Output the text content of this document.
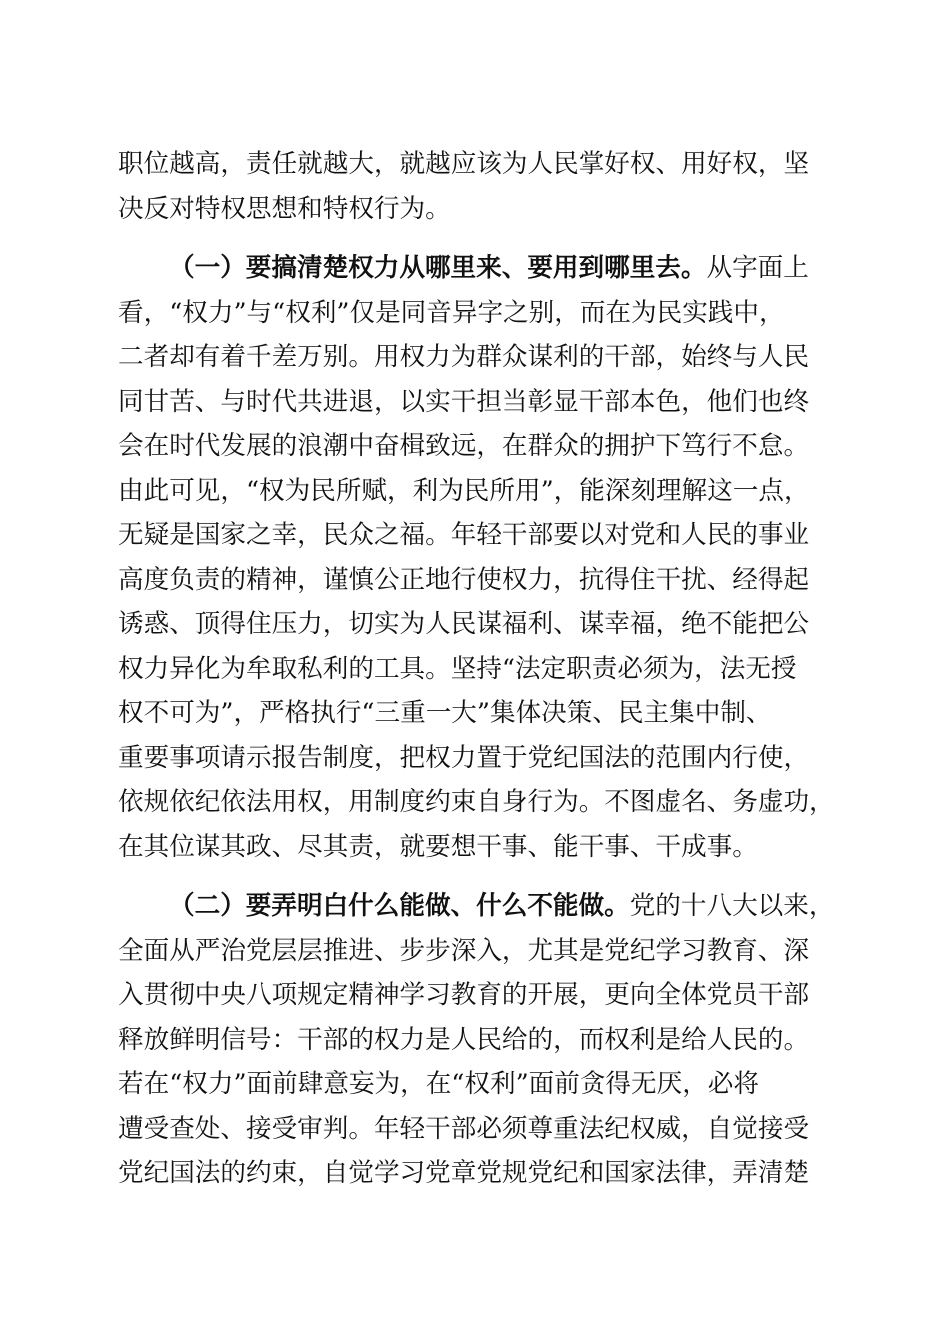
职位越高，责任就越大，就越应该为人民掌好权、用好权，坚
决反对特权思想和特权行为。
（一）要搞清楚权力从哪里来、要用到哪里去。从字面上
看，“权力”与“权利”仅是同音异字之别，而在为民实践中，
二者却有着千差万别。用权力为群众谋利的干部，始终与人民
同甘苦、与时代共进退，以实干担当彰显干部本色，他们也终
会在时代发展的浪潮中奋楫致远，在群众的拥护下笃行不怠。
由此可见，“权为民所赋，利为民所用”，能深刻理解这一点，
无疑是国家之幸，民众之福。年轻干部要以对党和人民的事业
高度负责的精神，谨慎公正地行使权力，抗得住干扰、经得起
诱惑、顶得住压力，切实为人民谋福利、谋幸福，绝不能把公
权力异化为牟取私利的工具。坚持“法定职责必须为，法无授
权不可为”，严格执行“三重一大”集体决策、民主集中制、
重要事项请示报告制度，把权力置于党纪国法的范围内行使，
依规依纪依法用权，用制度约束自身行为。不图虚名、务虚功，
在其位谋其政、尽其责，就要想干事、能干事、干成事。
（二）要弄明白什么能做、什么不能做。党的十八大以来，
全面从严治党层层推进、步步深入，尤其是党纪学习教育、深
入贯彻中央八项规定精神学习教育的开展，更向全体党员干部
释放鲜明信号：干部的权力是人民给的，而权利是给人民的。
若在“权力”面前肆意妄为，在“权利”面前贪得无厌，必将
遭受查处、接受审判。年轻干部必须尊重法纪权威，自觉接受
党纪国法的约束，自觉学习党章党规党纪和国家法律，弄清楚
